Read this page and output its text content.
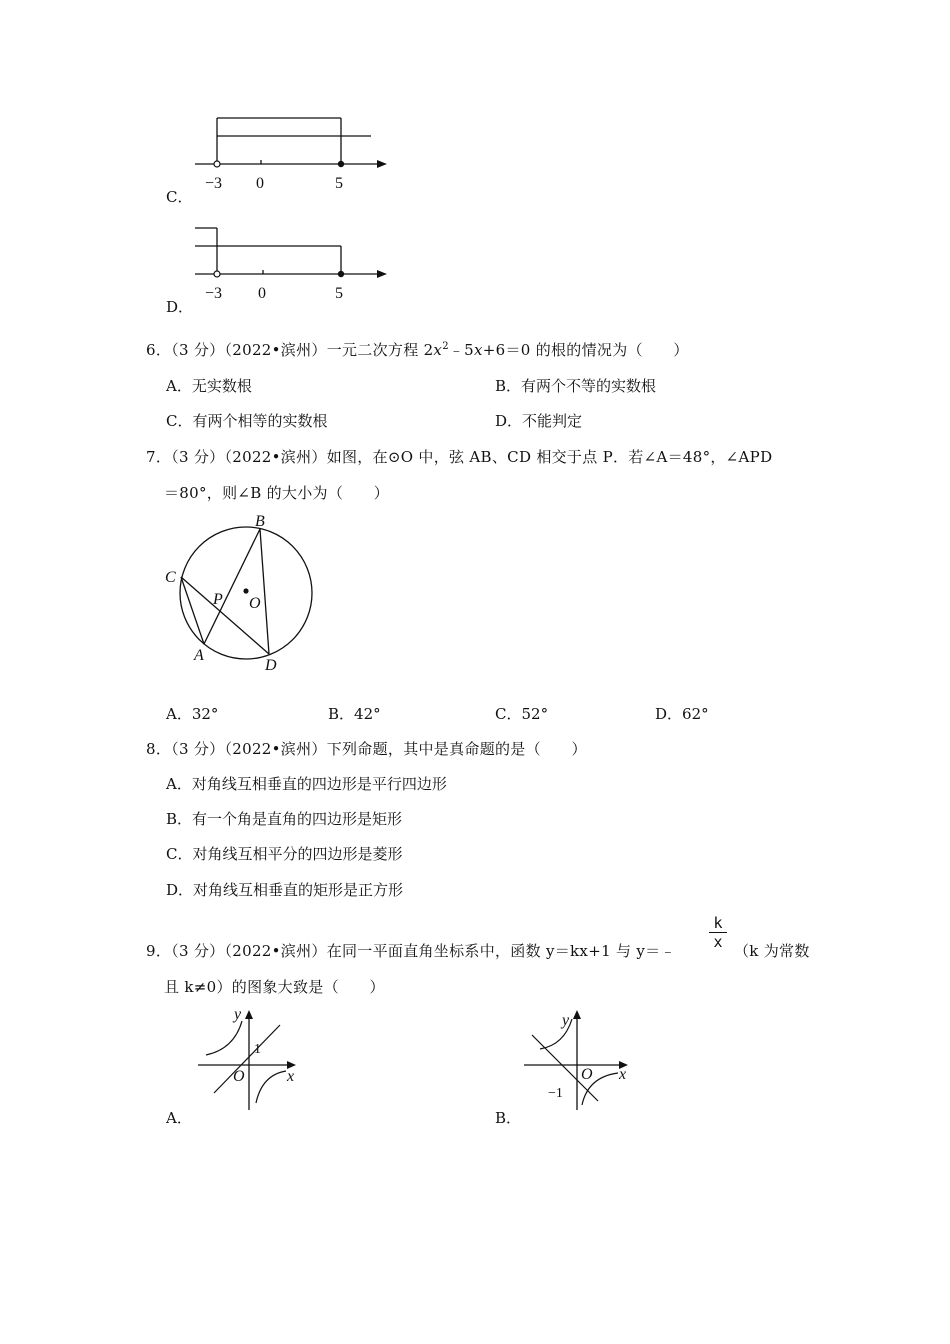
−3 0	5
C．
−3 0	5
D．
6．（3 分）（2022•滨州）一元二次方程 $2x^2﹣5x+6=0$ 的根的情况为（　　）
A．无实数根	B．有两个不等的实数根
C．有两个相等的实数根	D．不能判定
7．（3 分）（2022•滨州）如图，在⊙O 中，弦 AB、CD 相交于点 P．若∠A＝48°，∠APD
＝80°，则∠B 的大小为（　　）
B
C
P O
A
D
A．32°	B．42°	C．52°	D．62°
8．（3 分）（2022•滨州）下列命题，其中是真命题的是（　　）
A．对角线互相垂直的四边形是平行四边形
B．有一个角是直角的四边形是矩形
C．对角线互相平分的四边形是菱形
D．对角线互相垂直的矩形是正方形
9．（3 分）（2022•滨州）在同一平面直角坐标系中，函数 y＝kx+1 与 y＝﹣
k
x （k 为常数
且 k≠0）的图象大致是（　　）
y
x
O
1
A．
y
x
O
−1
B．
